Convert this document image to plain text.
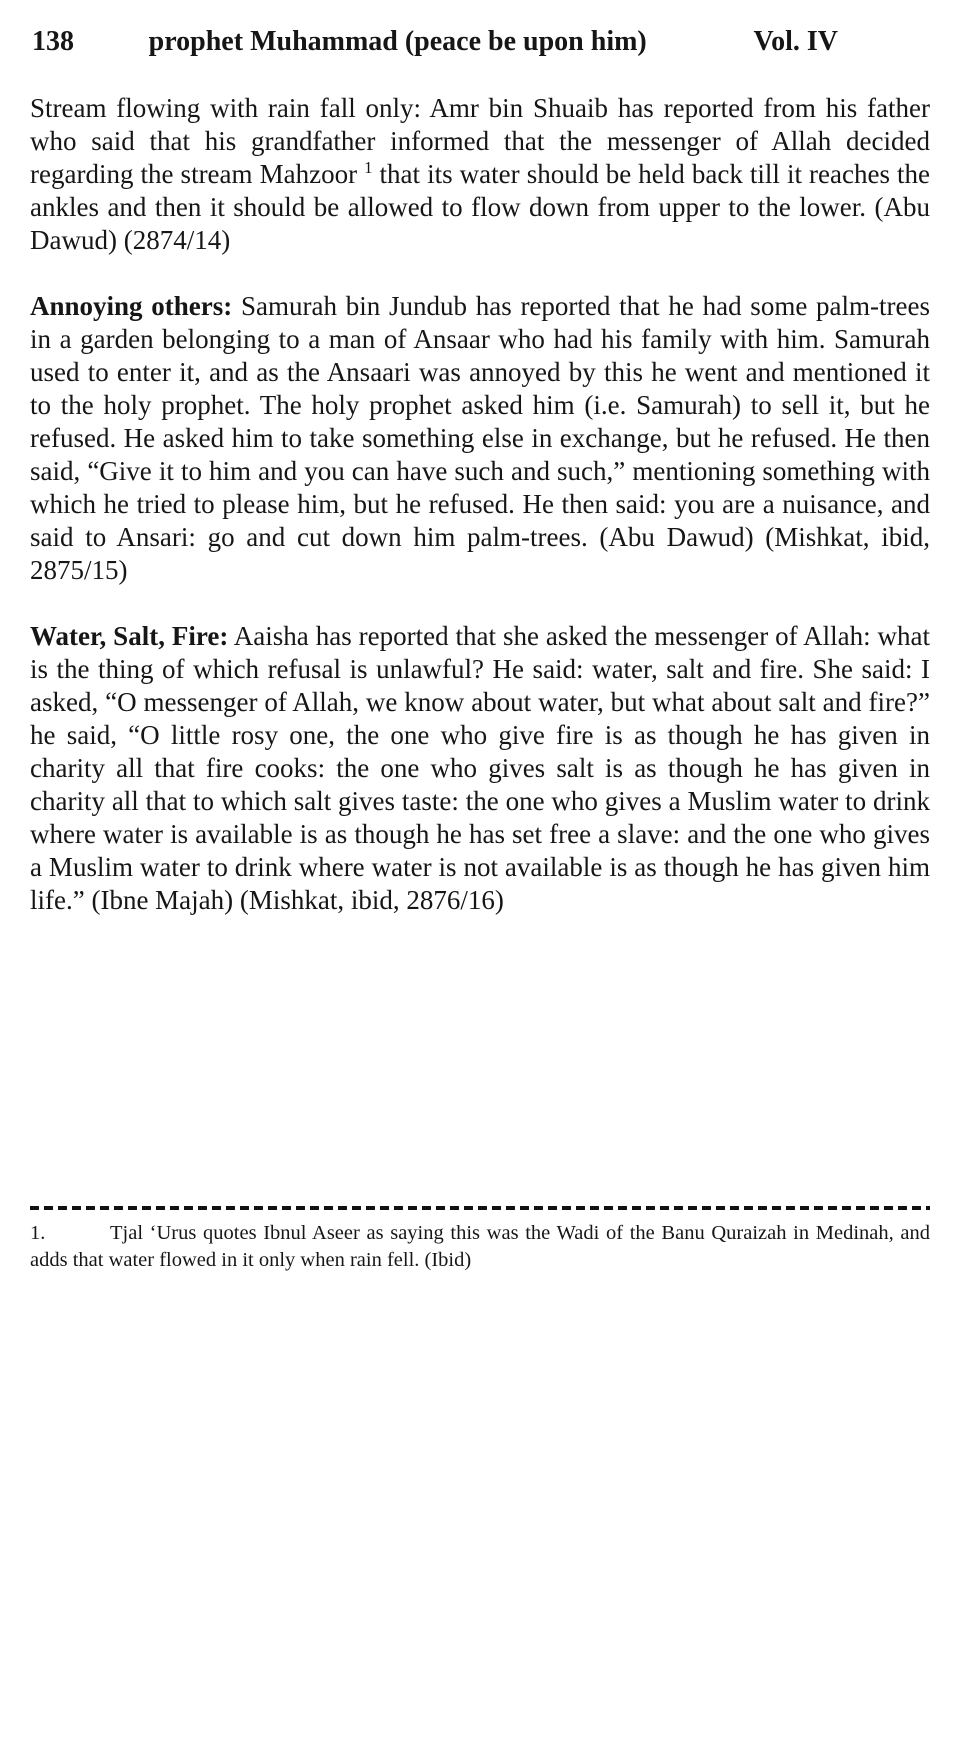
138	prophet Muhammad (peace be upon him)	Vol. IV

Stream flowing with rain fall only: Amr bin Shuaib has reported from his father who said that his grandfather informed that the messenger of Allah decided regarding the stream Mahzoor $^1$ that its water should be held back till it reaches the ankles and then it should be allowed to flow down from upper to the lower. (Abu Dawud) (2874/14)

Annoying others: Samurah bin Jundub has reported that he had some palm-trees in a garden belonging to a man of Ansaar who had his family with him. Samurah used to enter it, and as the Ansaari was annoyed by this he went and mentioned it to the holy prophet. The holy prophet asked him (i.e. Samurah) to sell it, but he refused. He asked him to take something else in exchange, but he refused. He then said, “Give it to him and you can have such and such,” mentioning something with which he tried to please him, but he refused. He then said: you are a nuisance, and said to Ansari: go and cut down him palm-trees. (Abu Dawud) (Mishkat, ibid, 2875/15)

Water, Salt, Fire: Aaisha has reported that she asked the messenger of Allah: what is the thing of which refusal is unlawful? He said: water, salt and fire. She said: I asked, “O messenger of Allah, we know about water, but what about salt and fire?” he said, “O little rosy one, the one who give fire is as though he has given in charity all that fire cooks: the one who gives salt is as though he has given in charity all that to which salt gives taste: the one who gives a Muslim water to drink where water is available is as though he has set free a slave: and the one who gives a Muslim water to drink where water is not available is as though he has given him life.” (Ibne Majah) (Mishkat, ibid, 2876/16)

1.	Tjal ‘Urus quotes Ibnul Aseer as saying this was the Wadi of the Banu Quraizah in Medinah, and adds that water flowed in it only when rain fell. (Ibid)
